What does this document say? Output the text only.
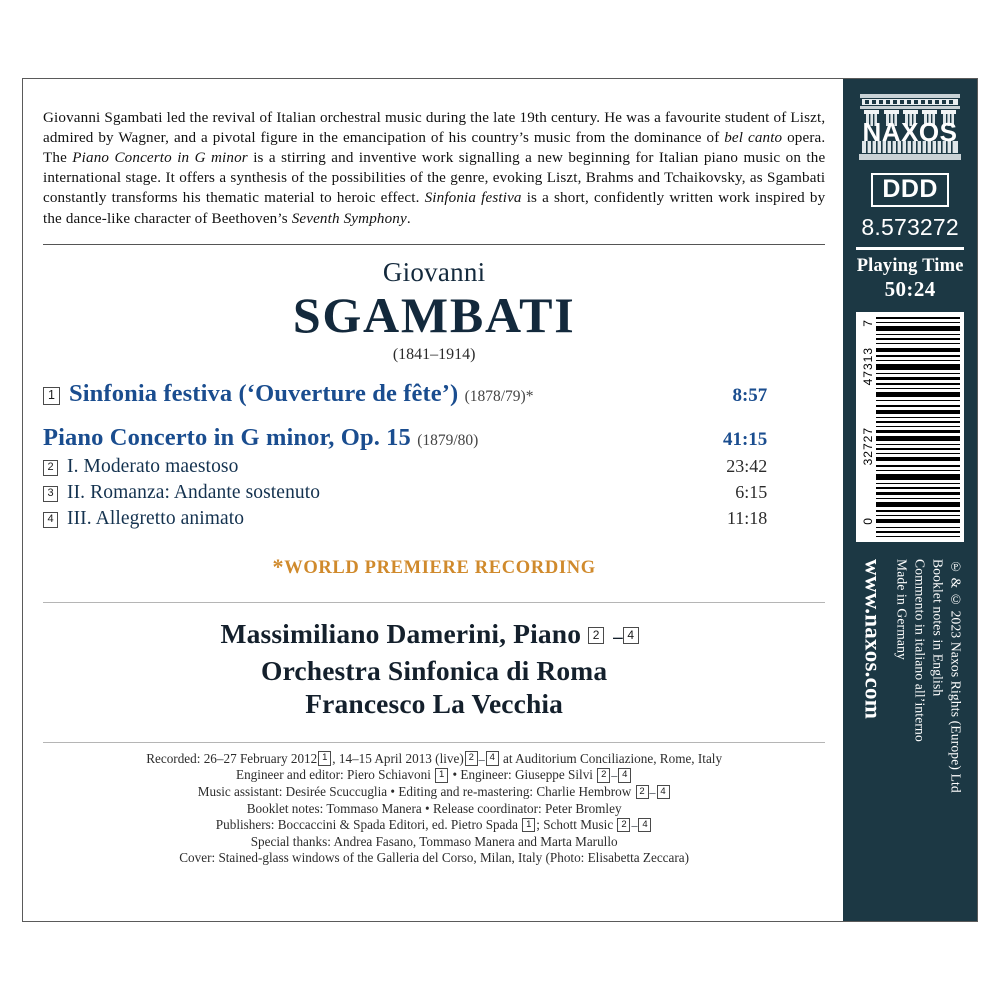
Giovanni Sgambati led the revival of Italian orchestral music during the late 19th century. He was a favourite student of Liszt, admired by Wagner, and a pivotal figure in the emancipation of his country’s music from the dominance of bel canto opera. The Piano Concerto in G minor is a stirring and inventive work signalling a new beginning for Italian piano music on the international stage. It offers a synthesis of the possibilities of the genre, evoking Liszt, Brahms and Tchaikovsky, as Sgambati constantly transforms his thematic material to heroic effect. Sinfonia festiva is a short, confidently written work inspired by the dance-like character of Beethoven’s Seventh Symphony.

Giovanni
SGAMBATI
(1841–1914)
1 Sinfonia festiva (‘Ouverture de fête’) (1878/79)*	8:57
Piano Concerto in G minor, Op. 15 (1879/80)	41:15
2 I. Moderato maestoso	23:42
3 II. Romanza: Andante sostenuto	6:15
4 III. Allegretto animato	11:18
*WORLD PREMIERE RECORDING
Massimiliano Damerini, Piano 2 – 4
Orchestra Sinfonica di Roma
Francesco La Vecchia
Recorded: 26–27 February 2012 1 , 14–15 April 2013 (live) 2 – 4 at Auditorium Conciliazione, Rome, Italy
Engineer and editor: Piero Schiavoni 1 • Engineer: Giuseppe Silvi 2 – 4
Music assistant: Desirée Scuccuglia • Editing and re-mastering: Charlie Hembrow 2 – 4
Booklet notes: Tommaso Manera • Release coordinator: Peter Bromley
Publishers: Boccaccini & Spada Editori, ed. Pietro Spada 1 ; Schott Music 2 – 4
Special thanks: Andrea Fasano, Tommaso Manera and Marta Marullo
Cover: Stained-glass windows of the Galleria del Corso, Milan, Italy (Photo: Elisabetta Zeccara)
NAXOS
DDD
8.573272
Playing Time
50:24
7
47313
32727
0
℗ & © 2023 Naxos Rights (Europe) Ltd
Booklet notes in English
Commento in italiano all’interno
Made in Germany
www.naxos.com
